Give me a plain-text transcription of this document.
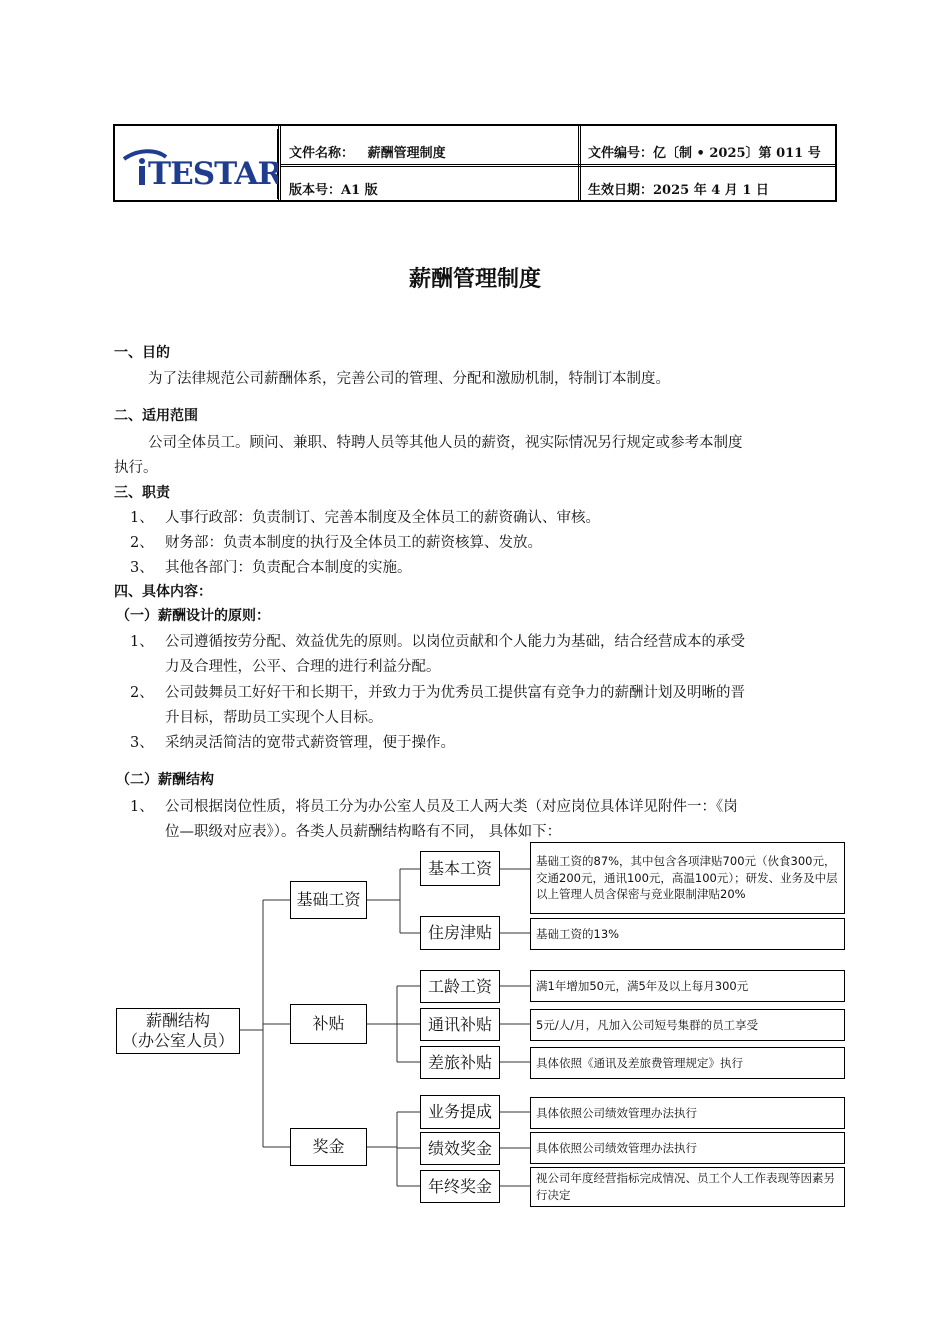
TESTAR
文件名称： 薪酬管理制度	文件编号：亿〔制 • 2025〕第 011 号
版本号：A1 版	生效日期：2025 年 4 月 1 日
薪酬管理制度
一、目的
为了法律规范公司薪酬体系，完善公司的管理、分配和激励机制，特制订本制度。
二、适用范围
公司全体员工。顾问、兼职、特聘人员等其他人员的薪资，视实际情况另行规定或参考本制度
执行。
三、职责
1、 人事行政部：负责制订、完善本制度及全体员工的薪资确认、审核。
2、 财务部：负责本制度的执行及全体员工的薪资核算、发放。
3、 其他各部门：负责配合本制度的实施。
四、具体内容：
（一）薪酬设计的原则：
1、 公司遵循按劳分配、效益优先的原则。以岗位贡献和个人能力为基础，结合经营成本的承受
力及合理性，公平、合理的进行利益分配。
2、 公司鼓舞员工好好干和长期干，并致力于为优秀员工提供富有竞争力的薪酬计划及明晰的晋
升目标，帮助员工实现个人目标。
3、 采纳灵活简洁的宽带式薪资管理，便于操作。
（二）薪酬结构
1、 公司根据岗位性质，将员工分为办公室人员及工人两大类（对应岗位具体详见附件一：《岗
位—职级对应表》）。各类人员薪酬结构略有不同， 具体如下：
薪酬结构
（办公室人员）
基础工资
补贴
奖金
基本工资
住房津贴
工龄工资
通讯补贴
差旅补贴
业务提成
绩效奖金
年终奖金
基础工资的87%，其中包含各项津贴700元（伙食300元，交通200元，通讯100元，高温100元）；研发、业务及中层以上管理人员含保密与竞业限制津贴20%
基础工资的13%
满1年增加50元，满5年及以上每月300元
5元/人/月，凡加入公司短号集群的员工享受
具体依照《通讯及差旅费管理规定》执行
具体依照公司绩效管理办法执行
具体依照公司绩效管理办法执行
视公司年度经营指标完成情况、员工个人工作表现等因素另行决定
